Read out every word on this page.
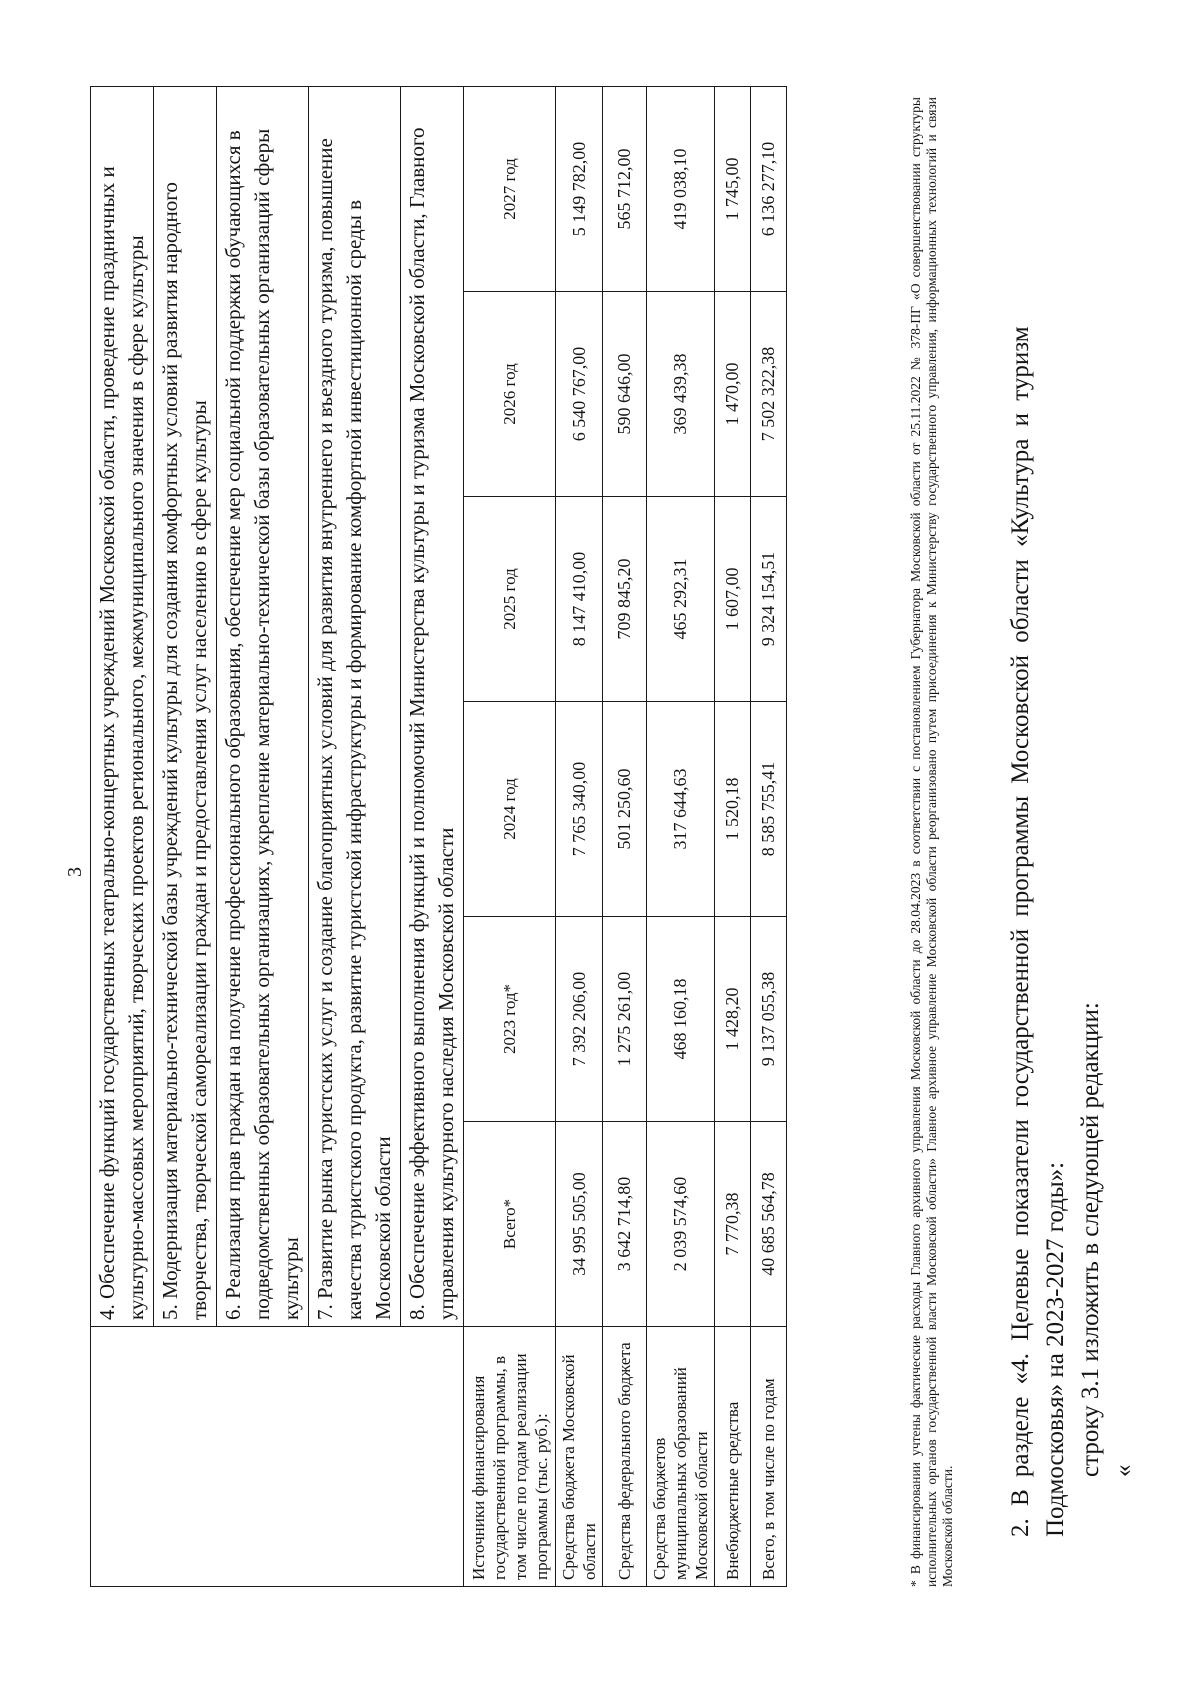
3

	4. Обеспечение функций государственных театрально-концертных учреждений Московской области, проведение праздничных и культурно-массовых мероприятий, творческих проектов регионального, межмуниципального значения в сфере культуры 5. Модернизация материально-технической базы учреждений культуры для создания комфортных условий развития народного творчества, творческой самореализации граждан и предоставления услуг населению в сфере культуры 6. Реализация прав граждан на получение профессионального образования, обеспечение мер социальной поддержки обучающихся в подведомственных образовательных организациях, укрепление материально-технической базы образовательных организаций сферы культуры 7. Развитие рынка туристских услуг и создание благоприятных условий для развития внутреннего и въездного туризма, повышение качества туристского продукта, развитие туристской инфраструктуры и формирование комфортной инвестиционной среды в Московской области 8. Обеспечение эффективного выполнения функций и полномочий Министерства культуры и туризма Московской области, Главного управления культурного наследия Московской области					

Источники финансирования государственной программы, в том числе по годам реализации программы (тыс. руб.):	Всего*	2023 год*	2024 год	2025 год	2026 год	2027 год
Средства бюджета Московской области	34 995 505,00	7 392 206,00	7 765 340,00	8 147 410,00	6 540 767,00	5 149 782,00
Средства федерального бюджета	3 642 714,80	1 275 261,00	501 250,60	709 845,20	590 646,00	565 712,00
Средства бюджетов муниципальных образований Московской области	2 039 574,60	468 160,18	317 644,63	465 292,31	369 439,38	419 038,10
Внебюджетные средства	7 770,38	1 428,20	1 520,18	1 607,00	1 470,00	1 745,00
Всего, в том числе по годам	40 685 564,78	9 137 055,38	8 585 755,41	9 324 154,51	7 502 322,38	6 136 277,10	* В финансировании учтены фактические расходы Главного архивного управления Московской области до 28.04.2023 в соответствии с постановлением Губернатора Московской области от 25.11.2022 № 378-ПГ «О совершенствовании структуры исполнительных органов государственной власти Московской области» Главное архивное управление Московской области реорганизовано путем присоединения к Министерству государственного управления, информационных технологий и связи Московской области. 2. В разделе «4. Целевые показатели государственной программы Московской области «Культура и туризм Подмосковья» на 2023-2027 годы»: строку 3.1 изложить в следующей редакции: «
